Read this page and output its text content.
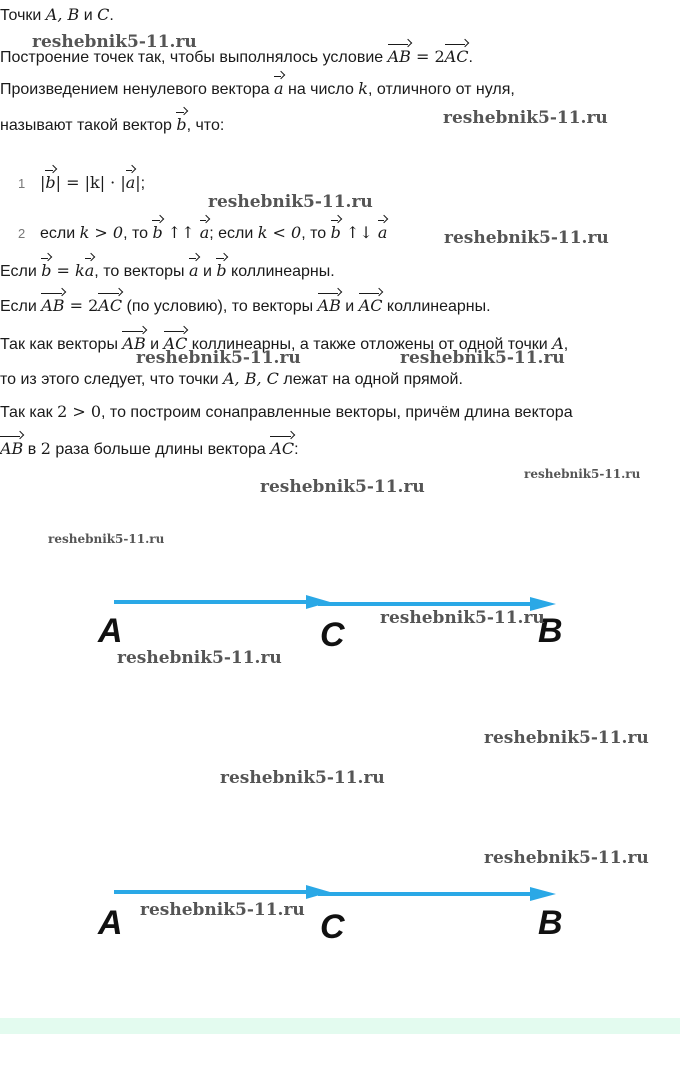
Точки A, B и C.
Построение точек так, чтобы выполнялось условие AB = 2AC.
Произведением ненулевого вектора a на число k, отличного от нуля,
называют такой вектор b, что:
1 |b| = |k| · |a|;
2 если k > 0, то b ↑↑ a; если k < 0, то b ↑↓ a
Если b = ka, то векторы a и b коллинеарны.
Если AB = 2AC (по условию), то векторы AB и AC коллинеарны.
Так как векторы AB и AC коллинеарны, а также отложены от одной точки A,
то из этого следует, что точки A, B, C лежат на одной прямой.
Так как 2 > 0, то построим сонаправленные векторы, причём длина вектора
AB в 2 раза больше длины вектора AC:
A	C	B
A	C	B
reshebnik5-11.ru
reshebnik5-11.ru
reshebnik5-11.ru
reshebnik5-11.ru
reshebnik5-11.ru	reshebnik5-11.ru
reshebnik5-11.ru
reshebnik5-11.ru
reshebnik5-11.ru
reshebnik5-11.ru
reshebnik5-11.ru
reshebnik5-11.ru
reshebnik5-11.ru
reshebnik5-11.ru
reshebnik5-11.ru
